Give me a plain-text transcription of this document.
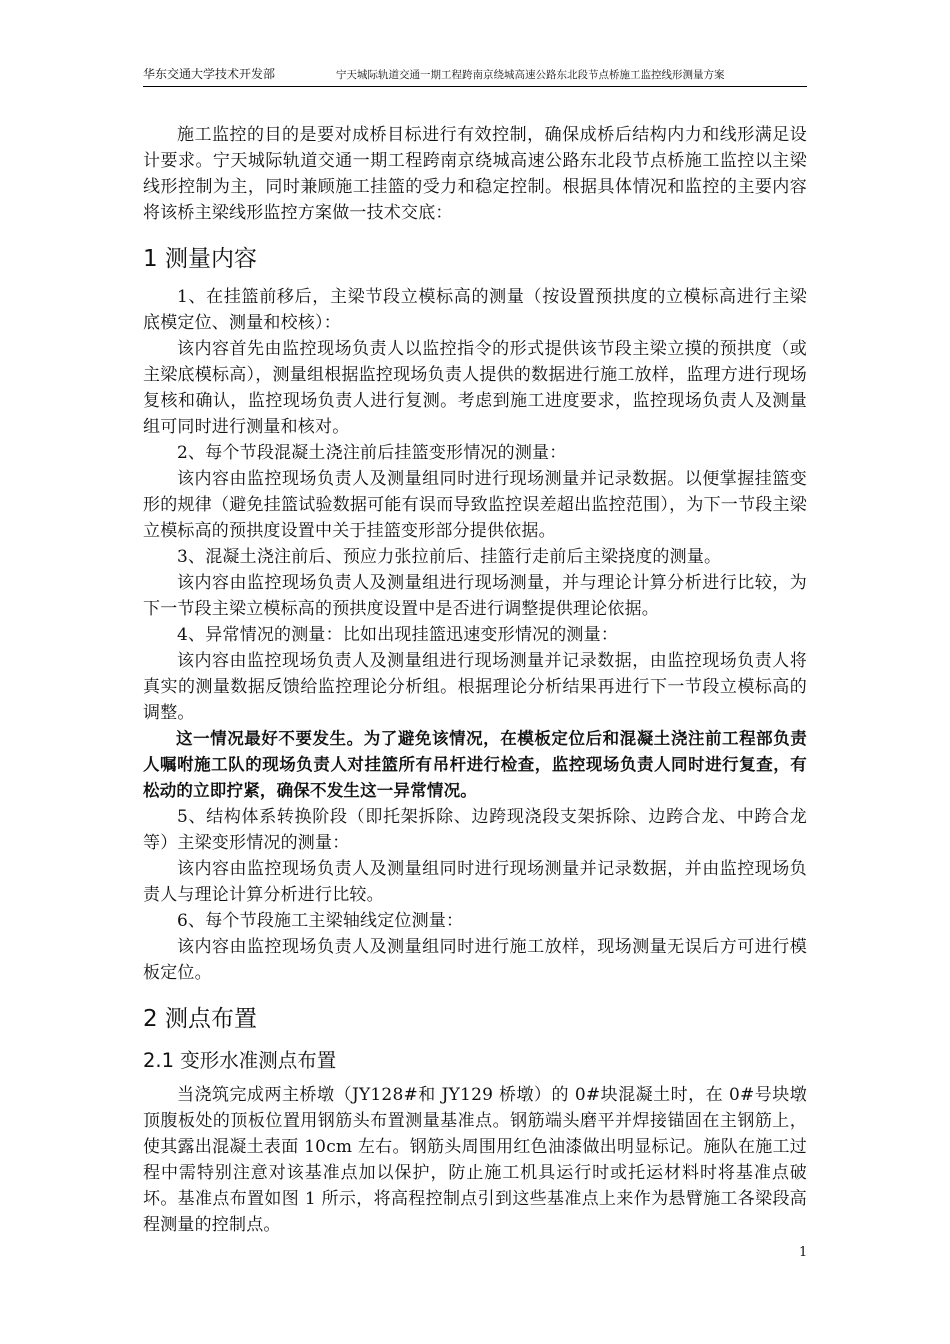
华东交通大学技术开发部	宁天城际轨道交通一期工程跨南京绕城高速公路东北段节点桥施工监控线形测量方案

施工监控的目的是要对成桥目标进行有效控制，确保成桥后结构内力和线形满足设计要求。宁天城际轨道交通一期工程跨南京绕城高速公路东北段节点桥施工监控以主梁线形控制为主，同时兼顾施工挂篮的受力和稳定控制。根据具体情况和监控的主要内容将该桥主梁线形监控方案做一技术交底：

1 测量内容

1、在挂篮前移后，主梁节段立模标高的测量（按设置预拱度的立模标高进行主梁底模定位、测量和校核）：

该内容首先由监控现场负责人以监控指令的形式提供该节段主梁立摸的预拱度（或主梁底模标高），测量组根据监控现场负责人提供的数据进行施工放样，监理方进行现场复核和确认，监控现场负责人进行复测。考虑到施工进度要求，监控现场负责人及测量组可同时进行测量和核对。

2、每个节段混凝土浇注前后挂篮变形情况的测量：

该内容由监控现场负责人及测量组同时进行现场测量并记录数据。以便掌握挂篮变形的规律（避免挂篮试验数据可能有误而导致监控误差超出监控范围），为下一节段主梁立模标高的预拱度设置中关于挂篮变形部分提供依据。

3、混凝土浇注前后、预应力张拉前后、挂篮行走前后主梁挠度的测量。

该内容由监控现场负责人及测量组进行现场测量，并与理论计算分析进行比较，为下一节段主梁立模标高的预拱度设置中是否进行调整提供理论依据。

4、异常情况的测量：比如出现挂篮迅速变形情况的测量：

该内容由监控现场负责人及测量组进行现场测量并记录数据，由监控现场负责人将真实的测量数据反馈给监控理论分析组。根据理论分析结果再进行下一节段立模标高的调整。

这一情况最好不要发生。为了避免该情况，在模板定位后和混凝土浇注前工程部负责人嘱咐施工队的现场负责人对挂篮所有吊杆进行检查，监控现场负责人同时进行复查，有松动的立即拧紧，确保不发生这一异常情况。

5、结构体系转换阶段（即托架拆除、边跨现浇段支架拆除、边跨合龙、中跨合龙等）主梁变形情况的测量：

该内容由监控现场负责人及测量组同时进行现场测量并记录数据，并由监控现场负责人与理论计算分析进行比较。

6、每个节段施工主梁轴线定位测量：

该内容由监控现场负责人及测量组同时进行施工放样，现场测量无误后方可进行模板定位。

2 测点布置
2.1 变形水准测点布置

当浇筑完成两主桥墩（JY128#和 JY129 桥墩）的 0#块混凝土时，在 0#号块墩顶腹板处的顶板位置用钢筋头布置测量基准点。钢筋端头磨平并焊接锚固在主钢筋上，使其露出混凝土表面 10cm 左右。钢筋头周围用红色油漆做出明显标记。施队在施工过程中需特别注意对该基准点加以保护，防止施工机具运行时或托运材料时将基准点破坏。基准点布置如图 1 所示，将高程控制点引到这些基准点上来作为悬臂施工各梁段高程测量的控制点。

1
